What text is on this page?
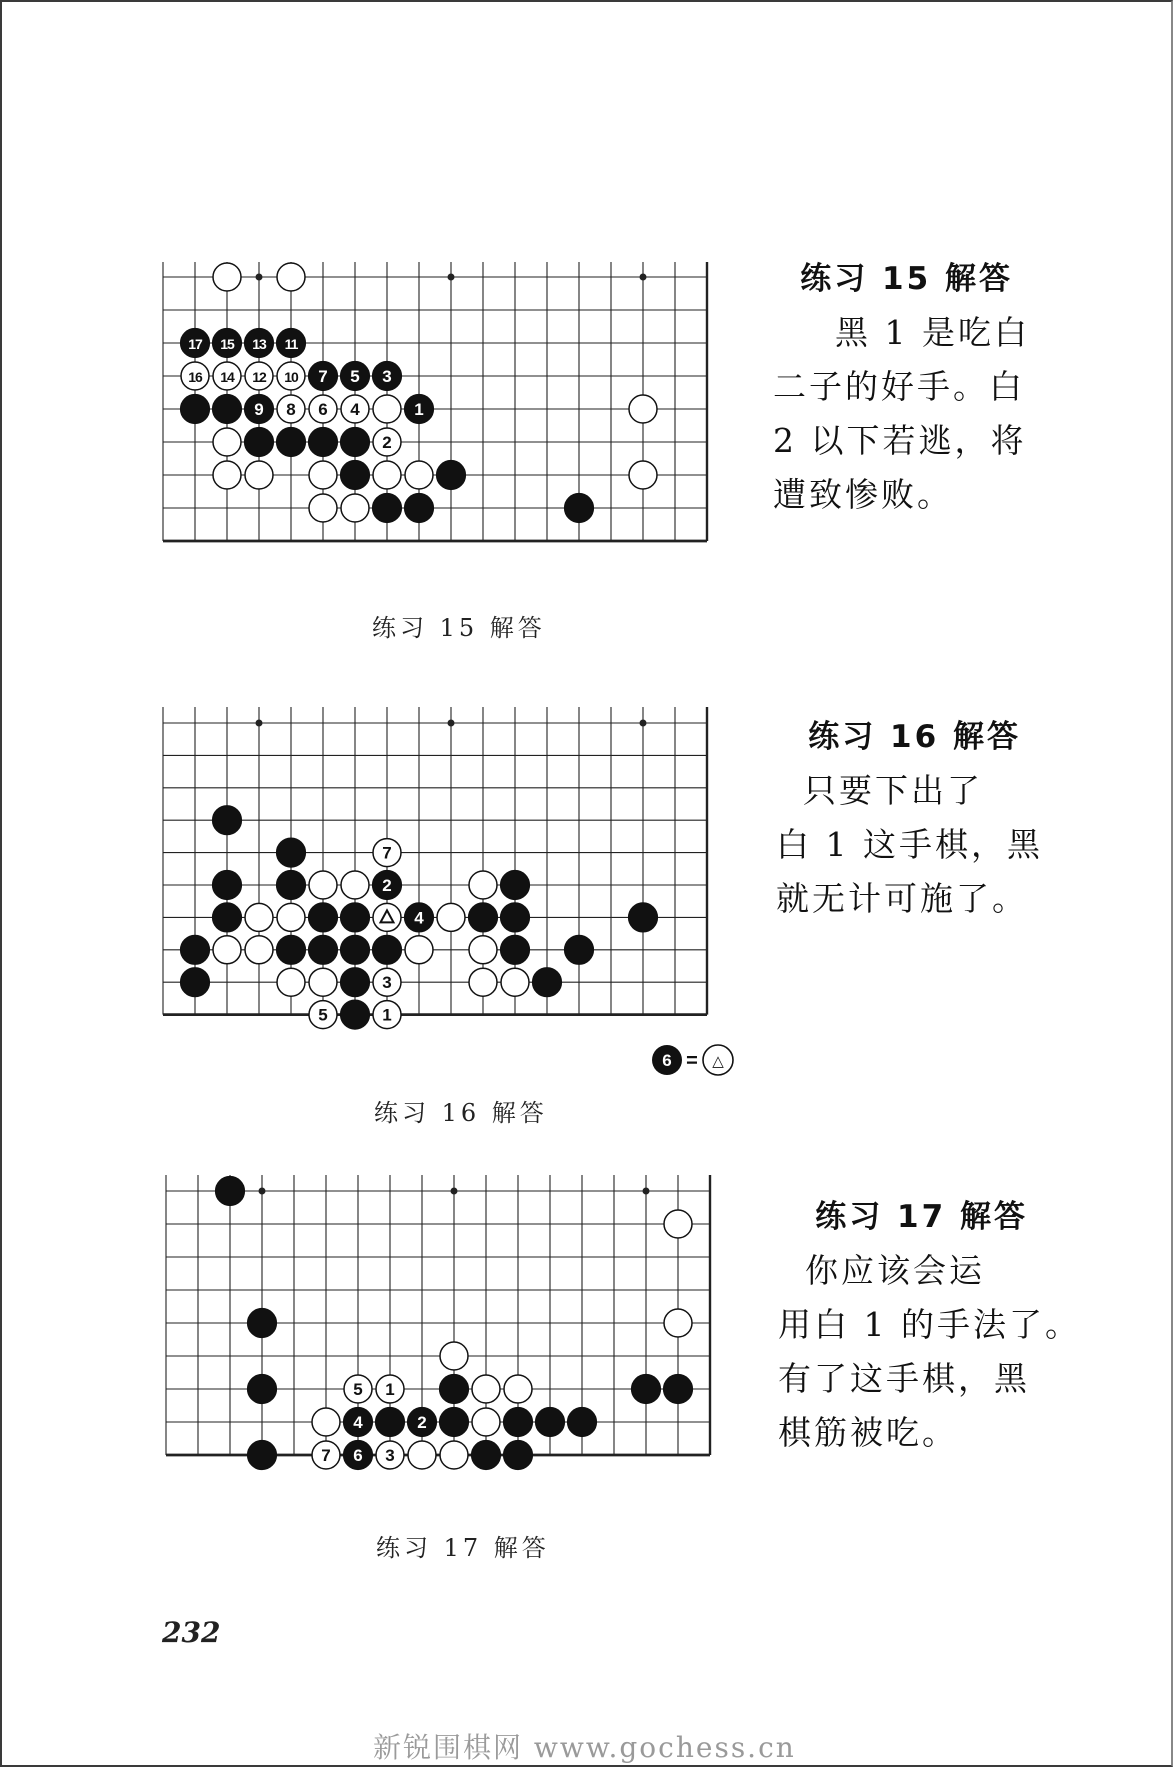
17 15 13 11
16 14 12 10 7 5 3
9 8 6 4	1
2
练习 15 解答
黑 1 是吃白
二子的好手。白
2 以下若逃，将
遭致惨败。
练习 15 解答
7
2
4
3
5	1
练习 16 解答
只要下出了
白 1 这手棋，黑
就无计可施了。
6 = △
练习 16 解答
5 1
4	2
7 6 3
练习 17 解答
你应该会运
用白 1 的手法了。
有了这手棋，黑
棋筋被吃。
练习 17 解答
232
新锐围棋网 www.gochess.cn
